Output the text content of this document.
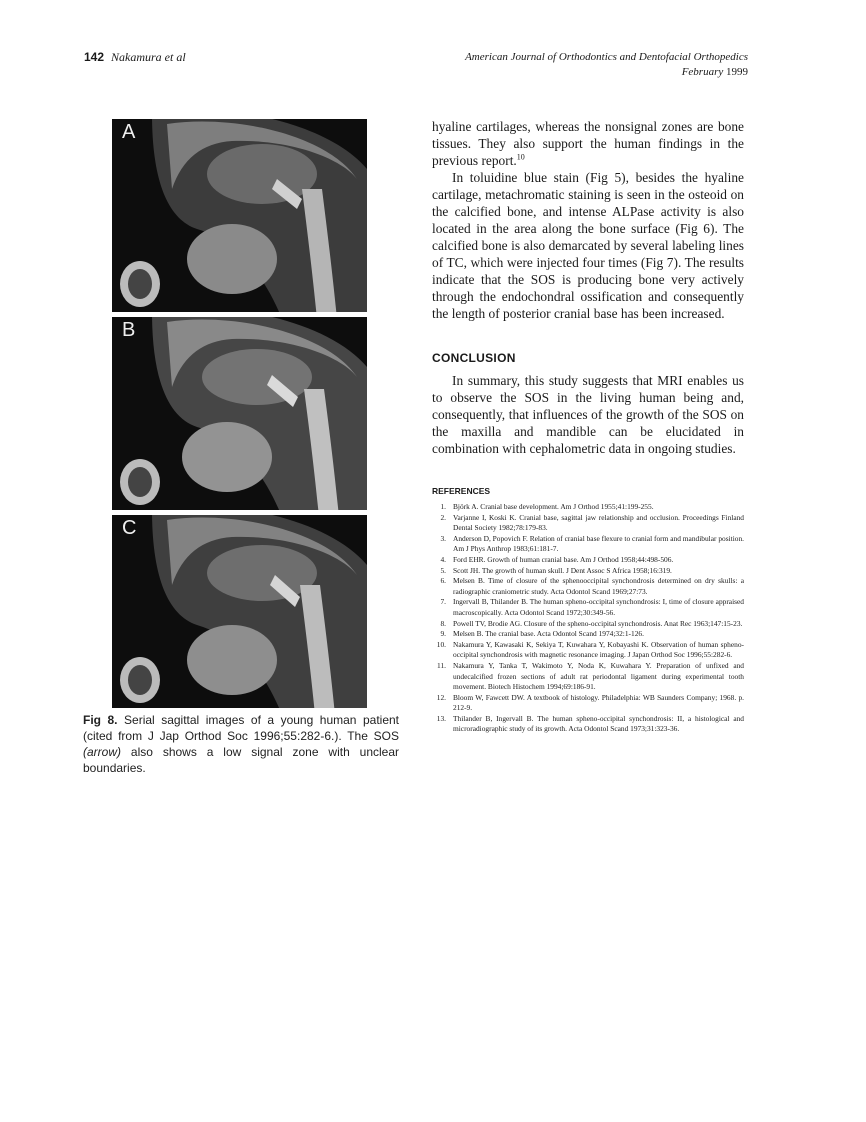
142 Nakamura et al	American Journal of Orthodontics and Dentofacial Orthopedics
February 1999
A
B
C
Fig 8. Serial sagittal images of a young human patient (cited from J Jap Orthod Soc 1996;55:282-6.). The SOS (arrow) also shows a low signal zone with unclear boundaries.

hyaline cartilages, whereas the nonsignal zones are bone tissues. They also support the human findings in the previous report.$^{10}$

In toluidine blue stain (Fig 5), besides the hyaline cartilage, metachromatic staining is seen in the osteoid on the calcified bone, and intense ALPase activity is also located in the area along the bone surface (Fig 6). The calcified bone is also demarcated by several labeling lines of TC, which were injected four times (Fig 7). The results indicate that the SOS is producing bone very actively through the endochondral ossification and consequently the length of posterior cranial base has been increased.

CONCLUSION

In summary, this study suggests that MRI enables us to observe the SOS in the living human being and, consequently, that influences of the growth of the SOS on the maxilla and mandible can be elucidated in combination with cephalometric data in ongoing studies.

REFERENCES
1. Björk A. Cranial base development. Am J Orthod 1955;41:199-255.
2. Varjanne I, Koski K. Cranial base, sagittal jaw relationship and occlusion. Proceedings Finland Dental Society 1982;78:179-83.
3. Anderson D, Popovich F. Relation of cranial base flexure to cranial form and mandibular position. Am J Phys Anthrop 1983;61:181-7.
4. Ford EHR. Growth of human cranial base. Am J Orthod 1958;44:498-506.
5. Scott JH. The growth of human skull. J Dent Assoc S Africa 1958;16:319.
6. Melsen B. Time of closure of the sphenooccipital synchondrosis determined on dry skulls: a radiographic craniometric study. Acta Odontol Scand 1969;27:73.
7. Ingervall B, Thilander B. The human spheno-occipital synchondrosis: I, time of closure appraised macroscopically. Acta Odontol Scand 1972;30:349-56.
8. Powell TV, Brodie AG. Closure of the spheno-occipital synchondrosis. Anat Rec 1963;147:15-23.
9. Melsen B. The cranial base. Acta Odontol Scand 1974;32:1-126.
10. Nakamura Y, Kawasaki K, Sekiya T, Kuwahara Y, Kobayashi K. Observation of human spheno-occipital synchondrosis with magnetic resonance imaging. J Japan Orthod Soc 1996;55:282-6.
11. Nakamura Y, Tanka T, Wakimoto Y, Noda K, Kuwahara Y. Preparation of unfixed and undecalcified frozen sections of adult rat periodontal ligament during experimental tooth movement. Biotech Histochem 1994;69:186-91.
12. Bloom W, Fawcett DW. A textbook of histology. Philadelphia: WB Saunders Company; 1968. p. 212-9.
13. Thilander B, Ingervall B. The human spheno-occipital synchondrosis: II, a histological and microradiographic study of its growth. Acta Odontol Scand 1973;31:323-36.
